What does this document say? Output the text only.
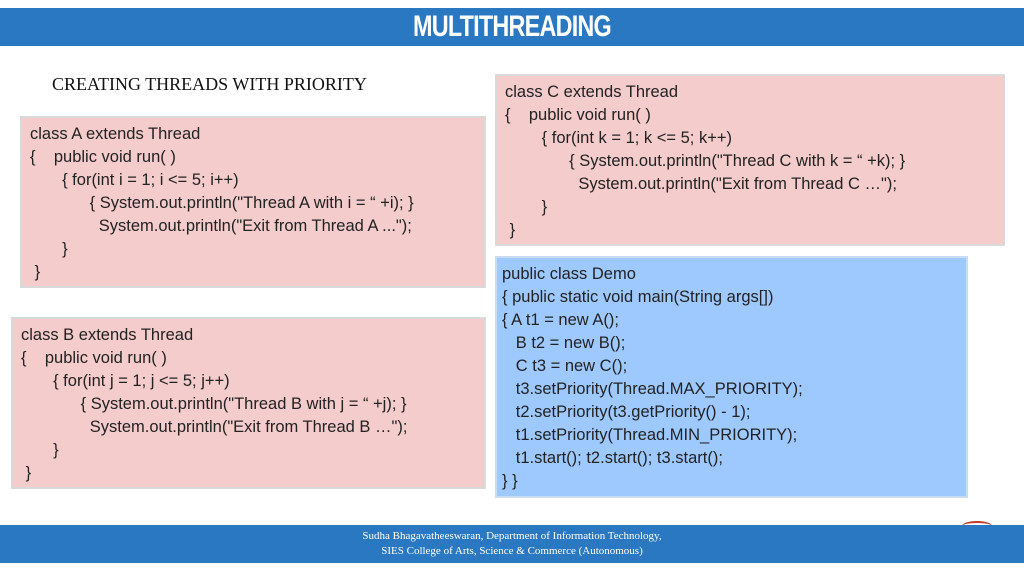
MULTITHREADING
CREATING THREADS WITH PRIORITY
class A extends Thread
{    public void run( )
{ for(int i = 1; i <= 5; i++)
{ System.out.println("Thread A with i = “ +i); }
System.out.println("Exit from Thread A ...");
}
}
class B extends Thread
{    public void run( )
{ for(int j = 1; j <= 5; j++)
{ System.out.println("Thread B with j = “ +j); }
System.out.println("Exit from Thread B …");
}
}
class C extends Thread
{    public void run( )
{ for(int k = 1; k <= 5; k++)
{ System.out.println("Thread C with k = “ +k); }
System.out.println("Exit from Thread C …");
}
}
public class Demo
{ public static void main(String args[])
{ A t1 = new A();
B t2 = new B();
C t3 = new C();
t3.setPriority(Thread.MAX_PRIORITY);
t2.setPriority(t3.getPriority() - 1);
t1.setPriority(Thread.MIN_PRIORITY);
t1.start(); t2.start(); t3.start();
} }
Sudha Bhagavatheeswaran, Department of Information Technology,
SIES College of Arts, Science & Commerce (Autonomous)
